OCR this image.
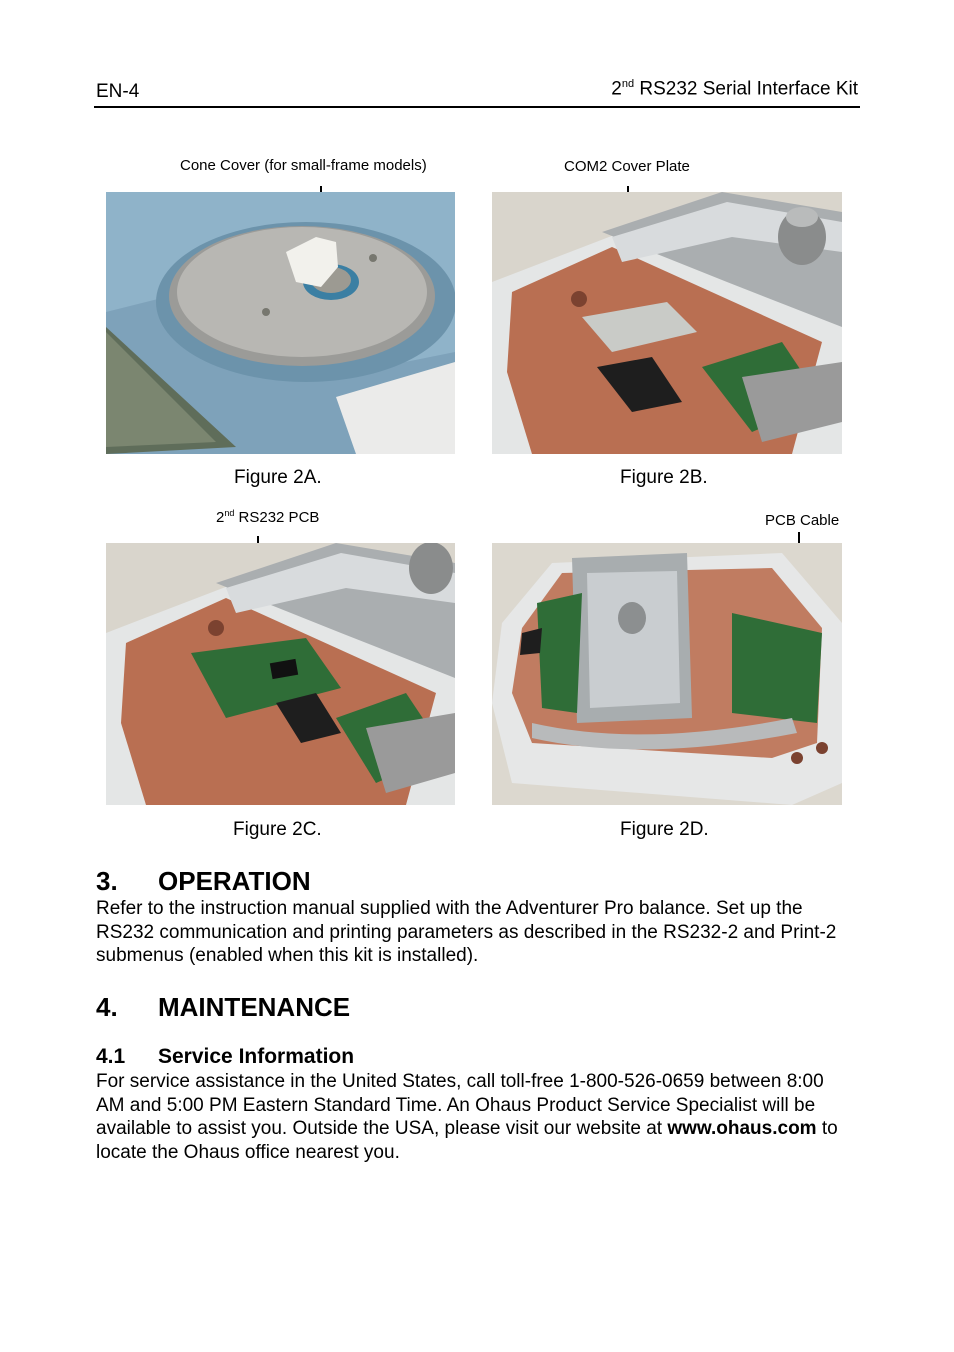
EN-4	2nd RS232 Serial Interface Kit
Cone Cover (for small-frame models)
Figure 2A.
COM2 Cover Plate
Figure 2B.
2nd RS232 PCB
Figure 2C.
PCB Cable
Figure 2D.
3. OPERATION

Refer to the instruction manual supplied with the Adventurer Pro balance. Set up the RS232 communication and printing parameters as described in the RS232-2 and Print-2 submenus (enabled when this kit is installed).

4. MAINTENANCE
4.1 Service Information

For service assistance in the United States, call toll-free 1-800-526-0659 between 8:00 AM and 5:00 PM Eastern Standard Time. An Ohaus Product Service Specialist will be available to assist you. Outside the USA, please visit our website at www.ohaus.com to locate the Ohaus office nearest you.
